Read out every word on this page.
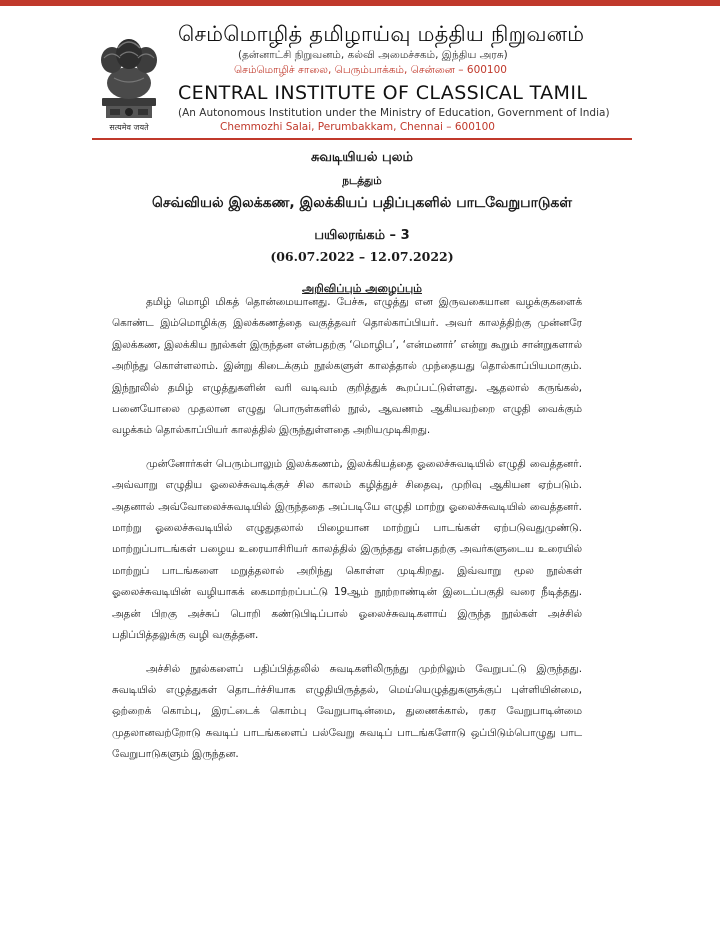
सत्यमेव जयते
செம்மொழித் தமிழாய்வு மத்திய நிறுவனம்
(தன்னாட்சி நிறுவனம், கல்வி அமைச்சகம், இந்திய அரசு)
செம்மொழிச் சாலை, பெரும்பாக்கம், சென்னை – 600100
CENTRAL INSTITUTE OF CLASSICAL TAMIL
(An Autonomous Institution under the Ministry of Education, Government of India)
Chemmozhi Salai, Perumbakkam, Chennai – 600100
சுவடியியல் புலம்
நடத்தும்
செவ்வியல் இலக்கண, இலக்கியப் பதிப்புகளில் பாடவேறுபாடுகள்
பயிலரங்கம் – 3
(06.07.2022 – 12.07.2022)
அறிவிப்பும் அழைப்பும்

தமிழ் மொழி மிகத் தொன்மையானது. பேச்சு, எழுத்து என இருவகையான வழக்குகளைக் கொண்ட இம்மொழிக்கு இலக்கணத்தை வகுத்தவர் தொல்காப்பியர். அவர் காலத்திற்கு முன்னரே இலக்கண, இலக்கிய நூல்கள் இருந்தன என்பதற்கு ‘மொழிப’, ‘என்மனார்’ என்று கூறும் சான்றுகளால் அறிந்து கொள்ளலாம். இன்று கிடைக்கும் நூல்களுள் காலத்தால் முந்தையது தொல்காப்பியமாகும். இந்நூலில் தமிழ் எழுத்துகளின் வரி வடிவம் குறித்துக் கூறப்பட்டுள்ளது. ஆதலால் கருங்கல், பனையோலை முதலான எழுது பொருள்களில் நூல், ஆவணம் ஆகியவற்றை எழுதி வைக்கும் வழக்கம் தொல்காப்பியர் காலத்தில் இருந்துள்ளதை அறியமுடிகிறது.

முன்னோர்கள் பெரும்பாலும் இலக்கணம், இலக்கியத்தை ஓலைச்சுவடியில் எழுதி வைத்தனர். அவ்வாறு எழுதிய ஓலைச்சுவடிக்குச் சில காலம் கழித்துச் சிதைவு, முறிவு ஆகியன ஏற்படும். அதனால் அவ்வோலைச்சுவடியில் இருந்ததை அப்படியே எழுதி மாற்று ஓலைச்சுவடியில் வைத்தனர். மாற்று ஓலைச்சுவடியில் எழுதுதலால் பிழையான மாற்றுப் பாடங்கள் ஏற்படுவதுமுண்டு. மாற்றுப்பாடங்கள் பழைய உரையாசிரியர் காலத்தில் இருந்தது என்பதற்கு அவர்களுடைய உரையில் மாற்றுப் பாடங்களை மறுத்தலால் அறிந்து கொள்ள முடிகிறது. இவ்வாறு மூல நூல்கள் ஓலைச்சுவடியின் வழியாகக் கைமாற்றப்பட்டு 19ஆம் நூற்றாண்டின் இடைப்பகுதி வரை நீடித்தது. அதன் பிறகு அச்சுப் பொறி கண்டுபிடிப்பால் ஓலைச்சுவடிகளாய் இருந்த நூல்கள் அச்சில் பதிப்பித்தலுக்கு வழி வகுத்தன.

அச்சில் நூல்களைப் பதிப்பித்தலில் சுவடிகளிலிருந்து முற்றிலும் வேறுபட்டு இருந்தது. சுவடியில் எழுத்துகள் தொடர்ச்சியாக எழுதியிருத்தல், மெய்யெழுத்துகளுக்குப் புள்ளியின்மை, ஒற்றைக் கொம்பு, இரட்டைக் கொம்பு வேறுபாடின்மை, துணைக்கால், ரகர வேறுபாடின்மை முதலானவற்றோடு சுவடிப் பாடங்களைப் பல்வேறு சுவடிப் பாடங்களோடு ஒப்பிடும்பொழுது பாட வேறுபாடுகளும் இருந்தன.
